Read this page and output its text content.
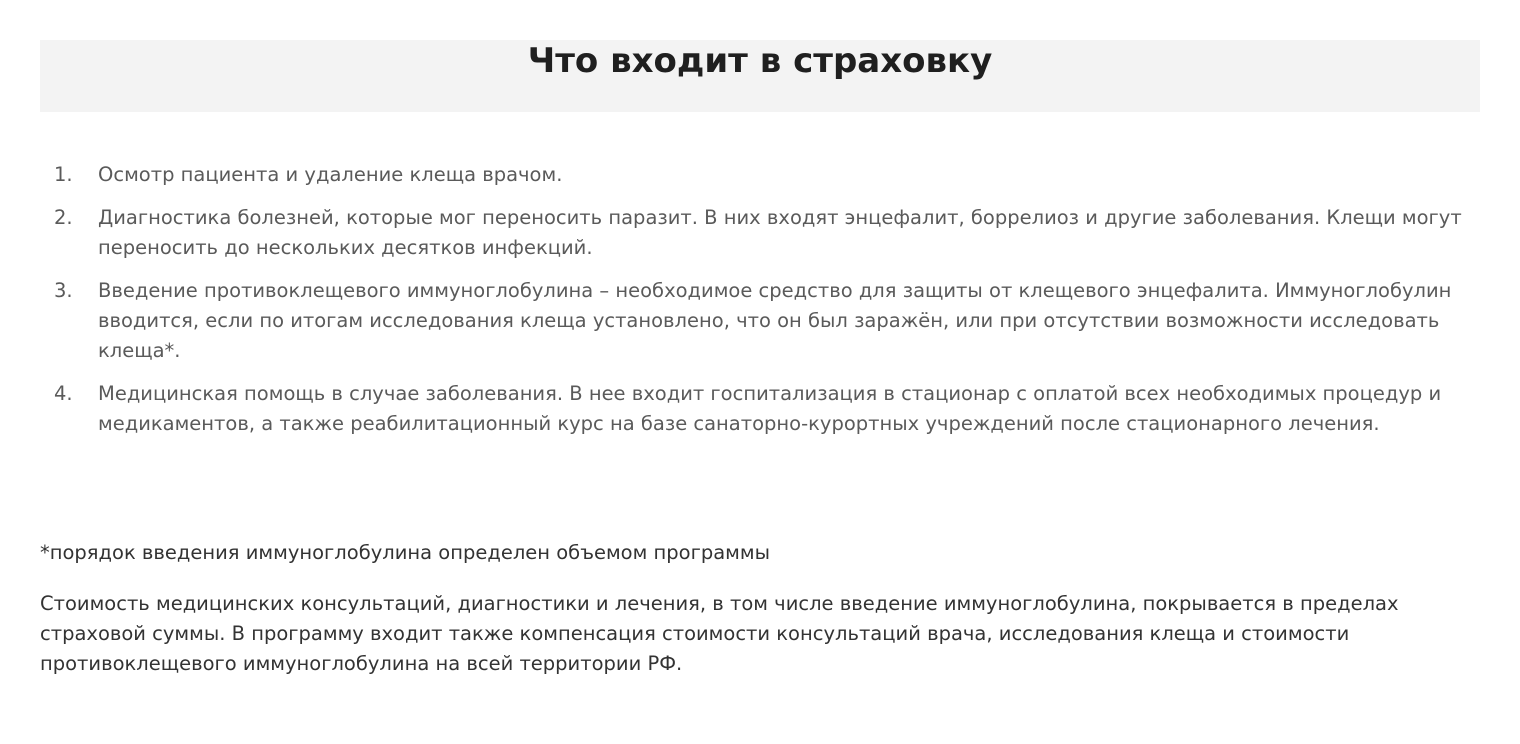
Что входит в страховку
1. Осмотр пациента и удаление клеща врачом.
2. Диагностика болезней, которые мог переносить паразит. В них входят энцефалит, боррелиоз и другие заболевания. Клещи могут переносить до нескольких десятков инфекций.
3. Введение противоклещевого иммуноглобулина – необходимое средство для защиты от клещевого энцефалита. Иммуноглобулин вводится, если по итогам исследования клеща установлено, что он был заражён, или при отсутствии возможности исследовать клеща*.
4. Медицинская помощь в случае заболевания. В нее входит госпитализация в стационар с оплатой всех необходимых процедур и медикаментов, а также реабилитационный курс на базе санаторно-курортных учреждений после стационарного лечения.

*порядок введения иммуноглобулина определен объемом программы

Стоимость медицинских консультаций, диагностики и лечения, в том числе введение иммуноглобулина, покрывается в пределах страховой суммы. В программу входит также компенсация стоимости консультаций врача, исследования клеща и стоимости противоклещевого иммуноглобулина на всей территории РФ.
